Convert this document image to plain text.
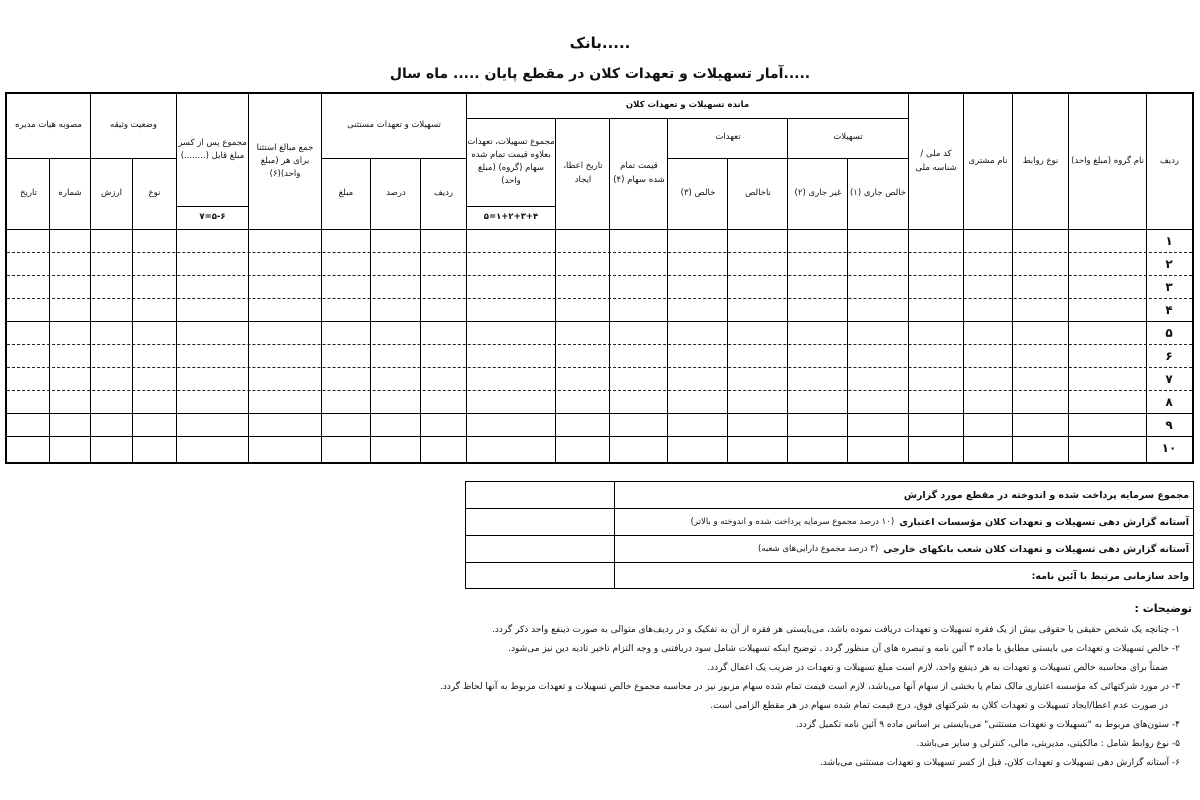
بانک.....
آمار تسهیلات و تعهدات کلان در مقطع پایان ..... ماه سال.....
ردیف
نام گروه (مبلغ واحد)
نوع روابط
نام مشتری
کد ملی / شناسه ملی
مانده تسهیلات و تعهدات کلان
تسهیلات
خالص جاری (۱)
غیر جاری (۲)
تعهدات
ناخالص
خالص (۳)
قیمت تمام شده سهام (۴)
تاریخ اعطا، ایجاد
مجموع تسهیلات، تعهدات بعلاوه قیمت تمام شده سهام (گروه) (مبلغ واحد)
۱+۲+۳+۴=۵
تسهیلات و تعهدات مستثنی
ردیف
درصد
مبلغ
جمع مبالغ استثنا برای هر (مبلغ واحد)(۶)
مجموع پس از کسر مبلغ قابل (........)
۵-۶=۷
وضعیت وثیقه
نوع
ارزش
مصوبه هیات مدیره
شماره
تاریخ
۱
۲
۳
۴
۵
۶
۷
۸
۹
۱۰
مجموع سرمایه پرداخت شده و اندوخته در مقطع مورد گزارش
آستانه گزارش دهی تسهیلات و تعهدات کلان مؤسسات اعتباری

(۱۰ درصد مجموع سرمایه پرداخت شده و اندوخته و بالاتر)
آستانه گزارش دهی تسهیلات و تعهدات کلان شعب بانکهای خارجی

(۳ درصد مجموع دارایی‌های شعبه)
واحد سازمانی مرتبط با آئین نامه:
توضیحات :
۱- چنانچه یک شخص حقیقی یا حقوقی بیش از یک فقره تسهیلات و تعهدات دریافت نموده باشد، می‌بایستی هر فقره از آن به تفکیک و در ردیف‌های متوالی به صورت ذینفع واحد ذکر گردد.
۲- خالص تسهیلات و تعهدات می بایستی مطابق با ماده ۳ آئین نامه و تبصره های آن منظور گردد . توضیح اینکه تسهیلات شامل سود دریافتنی و وجه التزام تاخیر تادیه دین نیز می‌شود.
ضمناً برای محاسبه خالص تسهیلات و تعهدات به هر ذینفع واحد، لازم است مبلغ تسهیلات و تعهدات در ضریب یک اعمال گردد.
۳- در مورد شرکتهائی که مؤسسه اعتباری مالک تمام یا بخشی از سهام آنها می‌باشد، لازم است قیمت تمام شده سهام مزبور نیز در محاسبه مجموع خالص تسهیلات و تعهدات مربوط به آنها لحاظ گردد.
در صورت عدم اعطا/ایجاد تسهیلات و تعهدات کلان به شرکتهای فوق، درج قیمت تمام شده سهام در هر مقطع الزامی است.
۴- ستون‌های مربوط به "تسهیلات و تعهدات مستثنی" می‌بایستی بر اساس ماده ۹ آئین نامه تکمیل گردد.
۵- نوع روابط شامل : مالکیتی، مدیریتی، مالی، کنترلی و سایر می‌باشد.
۶- آستانه گزارش دهی تسهیلات و تعهدات کلان، قبل از کسر تسهیلات و تعهدات مستثنی می‌باشد.
